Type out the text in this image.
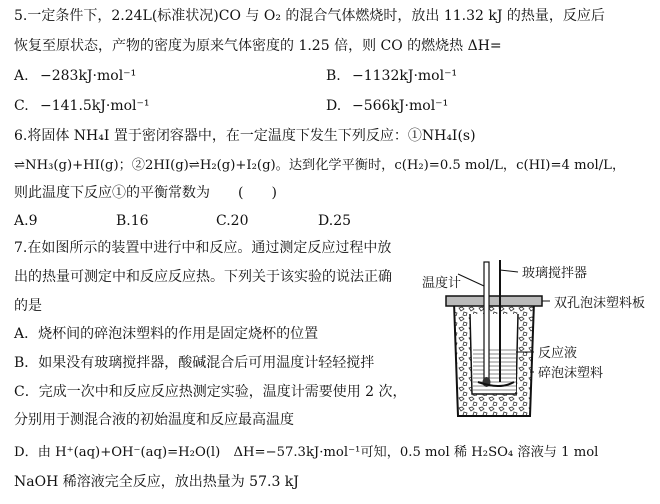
5.一定条件下，2.24L(标准状况)CO 与 O₂ 的混合气体燃烧时，放出 11.32 kJ 的热量，反应后
恢复至原状态，产物的密度为原来气体密度的 1.25 倍，则 CO 的燃烧热 ΔH=
A. −283kJ·mol⁻¹	B. −1132kJ·mol⁻¹
C. −141.5kJ·mol⁻¹	D. −566kJ·mol⁻¹
6.将固体 NH₄I 置于密闭容器中，在一定温度下发生下列反应：①NH₄I(s)
⇌NH₃(g)+HI(g)；②2HI(g)⇌H₂(g)+I₂(g)。达到化学平衡时，c(H₂)=0.5 mol/L，c(HI)=4 mol/L，
则此温度下反应①的平衡常数为　　(　　)
A.9	B.16	C.20	D.25
7.在如图所示的装置中进行中和反应。通过测定反应过程中放
出的热量可测定中和反应反应热。下列关于该实验的说法正确
的是
A．烧杯间的碎泡沫塑料的作用是固定烧杯的位置
B．如果没有玻璃搅拌器，酸碱混合后可用温度计轻轻搅拌
C．完成一次中和反应反应热测定实验，温度计需要使用 2 次，
分别用于测混合液的初始温度和反应最高温度
D．由 H⁺(aq)+OH⁻(aq)=H₂O(l)　ΔH=−57.3kJ·mol⁻¹可知，0.5 mol 稀 H₂SO₄ 溶液与 1 mol
NaOH 稀溶液完全反应，放出热量为 57.3 kJ
温度计
玻璃搅拌器
双孔泡沫塑料板
反应液
碎泡沫塑料
